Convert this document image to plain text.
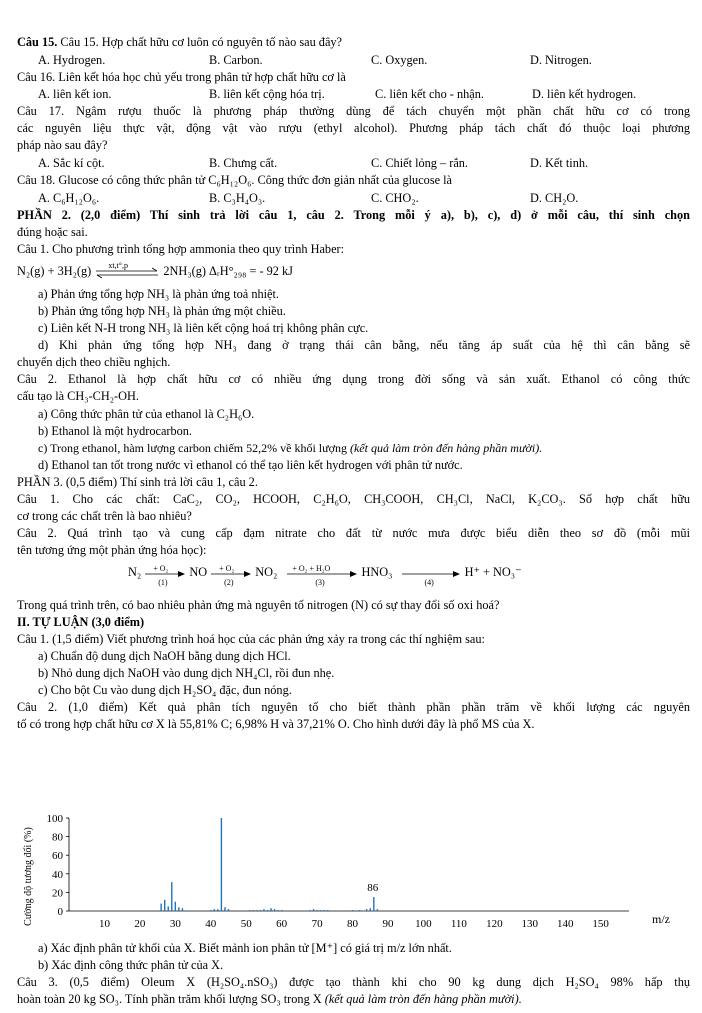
Câu 15. Câu 15. Hợp chất hữu cơ luôn có nguyên tố nào sau đây?
A. Hydrogen.	B. Carbon.	C. Oxygen.	D. Nitrogen.
Câu 16. Liên kết hóa học chủ yếu trong phân tử hợp chất hữu cơ là
A. liên kết ion.	B. liên kết cộng hóa trị.	C. liên kết cho - nhận.	D. liên kết hydrogen.
Câu 17. Ngâm rượu thuốc là phương pháp thường dùng để tách chuyển một phần chất hữu cơ có trong
các nguyên liệu thực vật, động vật vào rượu (ethyl alcohol). Phương pháp tách chất đó thuộc loại phương
pháp nào sau đây?
A. Sắc kí cột.	B. Chưng cất.	C. Chiết lỏng – rắn.	D. Kết tinh.
Câu 18. Glucose có công thức phân tử C₆H₁₂O₆. Công thức đơn giản nhất của glucose là
A. C₆H₁₂O₆.	B. C₃H₄O₃.	C. CHO₂.	D. CH₂O.
PHẦN 2. (2,0 điểm) Thí sinh trả lời câu 1, câu 2. Trong mỗi ý a), b), c), d) ở mỗi câu, thí sinh chọn
đúng hoặc sai.
Câu 1. Cho phương trình tổng hợp ammonia theo quy trình Haber:
N₂(g) + 3H₂(g) xt,t°,p	2NH₃(g) ΔᵣH°₂₉₈ = - 92 kJ
a) Phản ứng tổng hợp NH₃ là phản ứng toả nhiệt.
b) Phản ứng tổng hợp NH₃ là phản ứng một chiều.
c) Liên kết N-H trong NH₃ là liên kết cộng hoá trị không phân cực.
d) Khi phản ứng tổng hợp NH₃ đang ở trạng thái cân bằng, nếu tăng áp suất của hệ thì cân bằng sẽ
chuyển dịch theo chiều nghịch.
Câu 2. Ethanol là hợp chất hữu cơ có nhiều ứng dụng trong đời sống và sản xuất. Ethanol có công thức
cấu tạo là CH₃-CH₂-OH.
a) Công thức phân tử của ethanol là C₂H₆O.
b) Ethanol là một hydrocarbon.
c) Trong ethanol, hàm lượng carbon chiếm 52,2% về khối lượng (kết quả làm tròn đến hàng phần mười).
d) Ethanol tan tốt trong nước vì ethanol có thể tạo liên kết hydrogen với phân tử nước.
PHẦN 3. (0,5 điểm) Thí sinh trả lời câu 1, câu 2.
Câu 1. Cho các chất: CaC₂, CO₂, HCOOH, C₂H₆O, CH₃COOH, CH₃Cl, NaCl, K₂CO₃. Số hợp chất hữu
cơ trong các chất trên là bao nhiêu?
Câu 2. Quá trình tạo và cung cấp đạm nitrate cho đất từ nước mưa được biểu diễn theo sơ đồ (mỗi mũi
tên tương ứng một phản ứng hóa học):
N₂ + O₂
(1)
NO + O₂
(2)
NO₂ + O₂ + H₂O
(3)
HNO₃
(4)
H⁺ + NO₃⁻
Trong quá trình trên, có bao nhiêu phản ứng mà nguyên tố nitrogen (N) có sự thay đổi số oxi hoá?
II. TỰ LUẬN (3,0 điểm)
Câu 1. (1,5 điểm) Viết phương trình hoá học của các phản ứng xảy ra trong các thí nghiệm sau:
a) Chuẩn độ dung dịch NaOH bằng dung dịch HCl.
b) Nhỏ dung dịch NaOH vào dung dịch NH₄Cl, rồi đun nhẹ.
c) Cho bột Cu vào dung dịch H₂SO₄ đặc, đun nóng.
Câu 2. (1,0 điểm) Kết quả phân tích nguyên tố cho biết thành phần phần trăm về khối lượng các nguyên
tố có trong hợp chất hữu cơ X là 55,81% C; 6,98% H và 37,21% O. Cho hình dưới đây là phổ MS của X.
0
20
40
60
80
100
10 20 30 40 50 60 70 80 90 100 110 120 130 140 150
86
m/z
Cường độ tương đối (%)
a) Xác định phân tử khối của X. Biết mảnh ion phân tử [M⁺] có giá trị m/z lớn nhất.
b) Xác định công thức phân tử của X.
Câu 3. (0,5 điểm) Oleum X (H₂SO₄.nSO₃) được tạo thành khi cho 90 kg dung dịch H₂SO₄ 98% hấp thụ
hoàn toàn 20 kg SO₃. Tính phần trăm khối lượng SO₃ trong X (kết quả làm tròn đến hàng phần mười).
